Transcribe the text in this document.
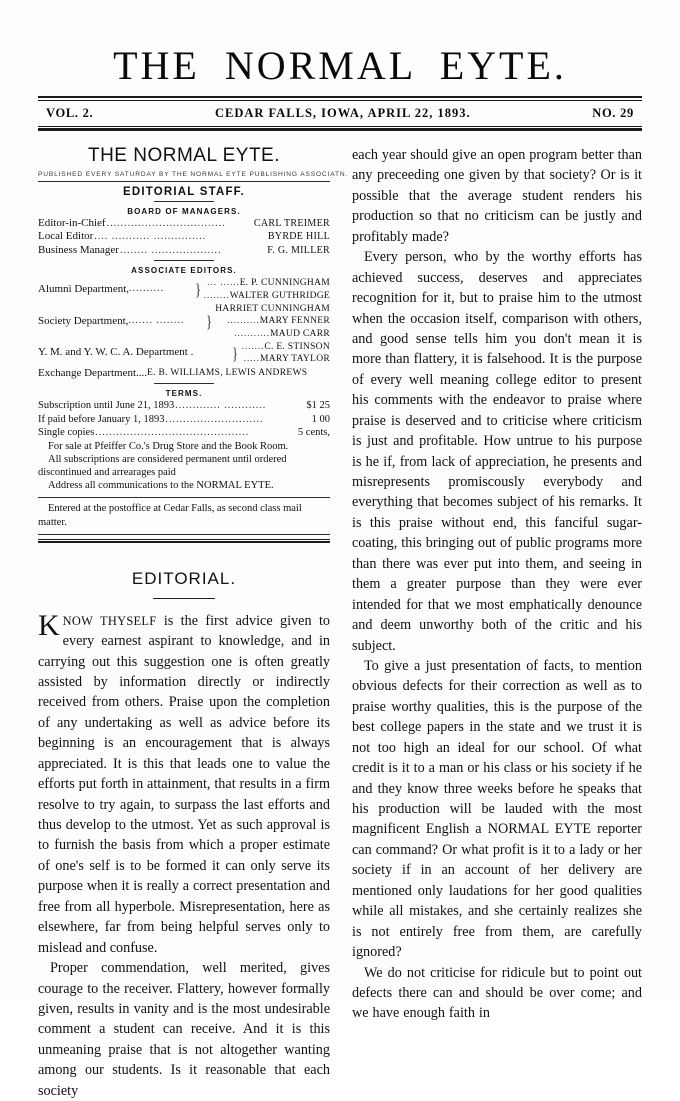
THE NORMAL EYTE.
VOL. 2.	CEDAR FALLS, IOWA, APRIL 22, 1893.	NO. 29
THE NORMAL EYTE.
PUBLISHED EVERY SATURDAY BY THE NORMAL EYTE PUBLISHING ASSOCIATN.
EDITORIAL STAFF.
BOARD OF MANAGERS.
Editor-in-Chief ..................................	CARL TREIMER
Local Editor .... ........... ...............	BYRDE HILL
Business Manager ........ ....................	F. G. MILLER
ASSOCIATE EDITORS.
Alumni Department, ..........	} ... ......E. P. CUNNINGHAM
........WALTER GUTHRIDGE
Society Department, ....... ........	}
HARRIET CUNNINGHAM
..........MARY FENNER
...........MAUD CARR
Y. M. and Y. W. C. A. Department . } .......C. E. STINSON
.....MARY TAYLOR
Exchange Department.... E. B. WILLIAMS, LEWIS ANDREWS
TERMS.
Subscription until June 21, 1893 ............. ............	$1 25
If paid before January 1, 1893 ............................	1 00
Single copies ............................................	5 cents,

For sale at Pfeiffer Co.'s Drug Store and the Book Room.

All subscriptions are considered permanent until ordered discontinued and arrearages paid

Address all communications to the NORMAL EYTE.

Entered at the postoffice at Cedar Falls, as second class mail matter.

EDITORIAL.

KNOW THYSELF is the first advice given to every earnest aspirant to knowledge, and in carrying out this suggestion one is often greatly assisted by information directly or indirectly received from others. Praise upon the completion of any undertaking as well as advice before its beginning is an encouragement that is always appreciated. It is this that leads one to value the efforts put forth in attainment, that results in a firm resolve to try again, to surpass the last efforts and thus develop to the utmost. Yet as such approval is to furnish the basis from which a proper estimate of one's self is to be formed it can only serve its purpose when it is really a correct presentation and free from all hyperbole. Misrepresentation, here as elsewhere, far from being helpful serves only to mislead and confuse.

Proper commendation, well merited, gives courage to the receiver. Flattery, however formally given, results in vanity and is the most undesirable comment a student can receive. And it is this unmeaning praise that is not altogether wanting among our students. Is it reasonable that each society

each year should give an open program better than any preceeding one given by that society? Or is it possible that the average student renders his production so that no criticism can be justly and profitably made?

Every person, who by the worthy efforts has achieved success, deserves and appreciates recognition for it, but to praise him to the utmost when the occasion itself, comparison with others, and good sense tells him you don't mean it is more than flattery, it is falsehood. It is the purpose of every well meaning college editor to present his comments with the endeavor to praise where praise is deserved and to criticise where criticism is just and profitable. How untrue to his purpose is he if, from lack of appreciation, he presents and misrepresents promiscously everybody and everything that becomes subject of his remarks. It is this praise without end, this fanciful sugar-coating, this bringing out of public programs more than there was ever put into them, and seeing in them a greater purpose than they were ever intended for that we most emphatically denounce and deem unworthy both of the critic and his subject.

To give a just presentation of facts, to mention obvious defects for their correction as well as to praise worthy qualities, this is the purpose of the best college papers in the state and we trust it is not too high an ideal for our school. Of what credit is it to a man or his class or his society if he and they know three weeks before he speaks that his production will be lauded with the most magnificent English a NORMAL EYTE reporter can command? Or what profit is it to a lady or her society if in an account of her delivery are mentioned only laudations for her good qualities while all mistakes, and she certainly realizes she is not entirely free from them, are carefully ignored?

We do not criticise for ridicule but to point out defects there can and should be over come; and we have enough faith in
